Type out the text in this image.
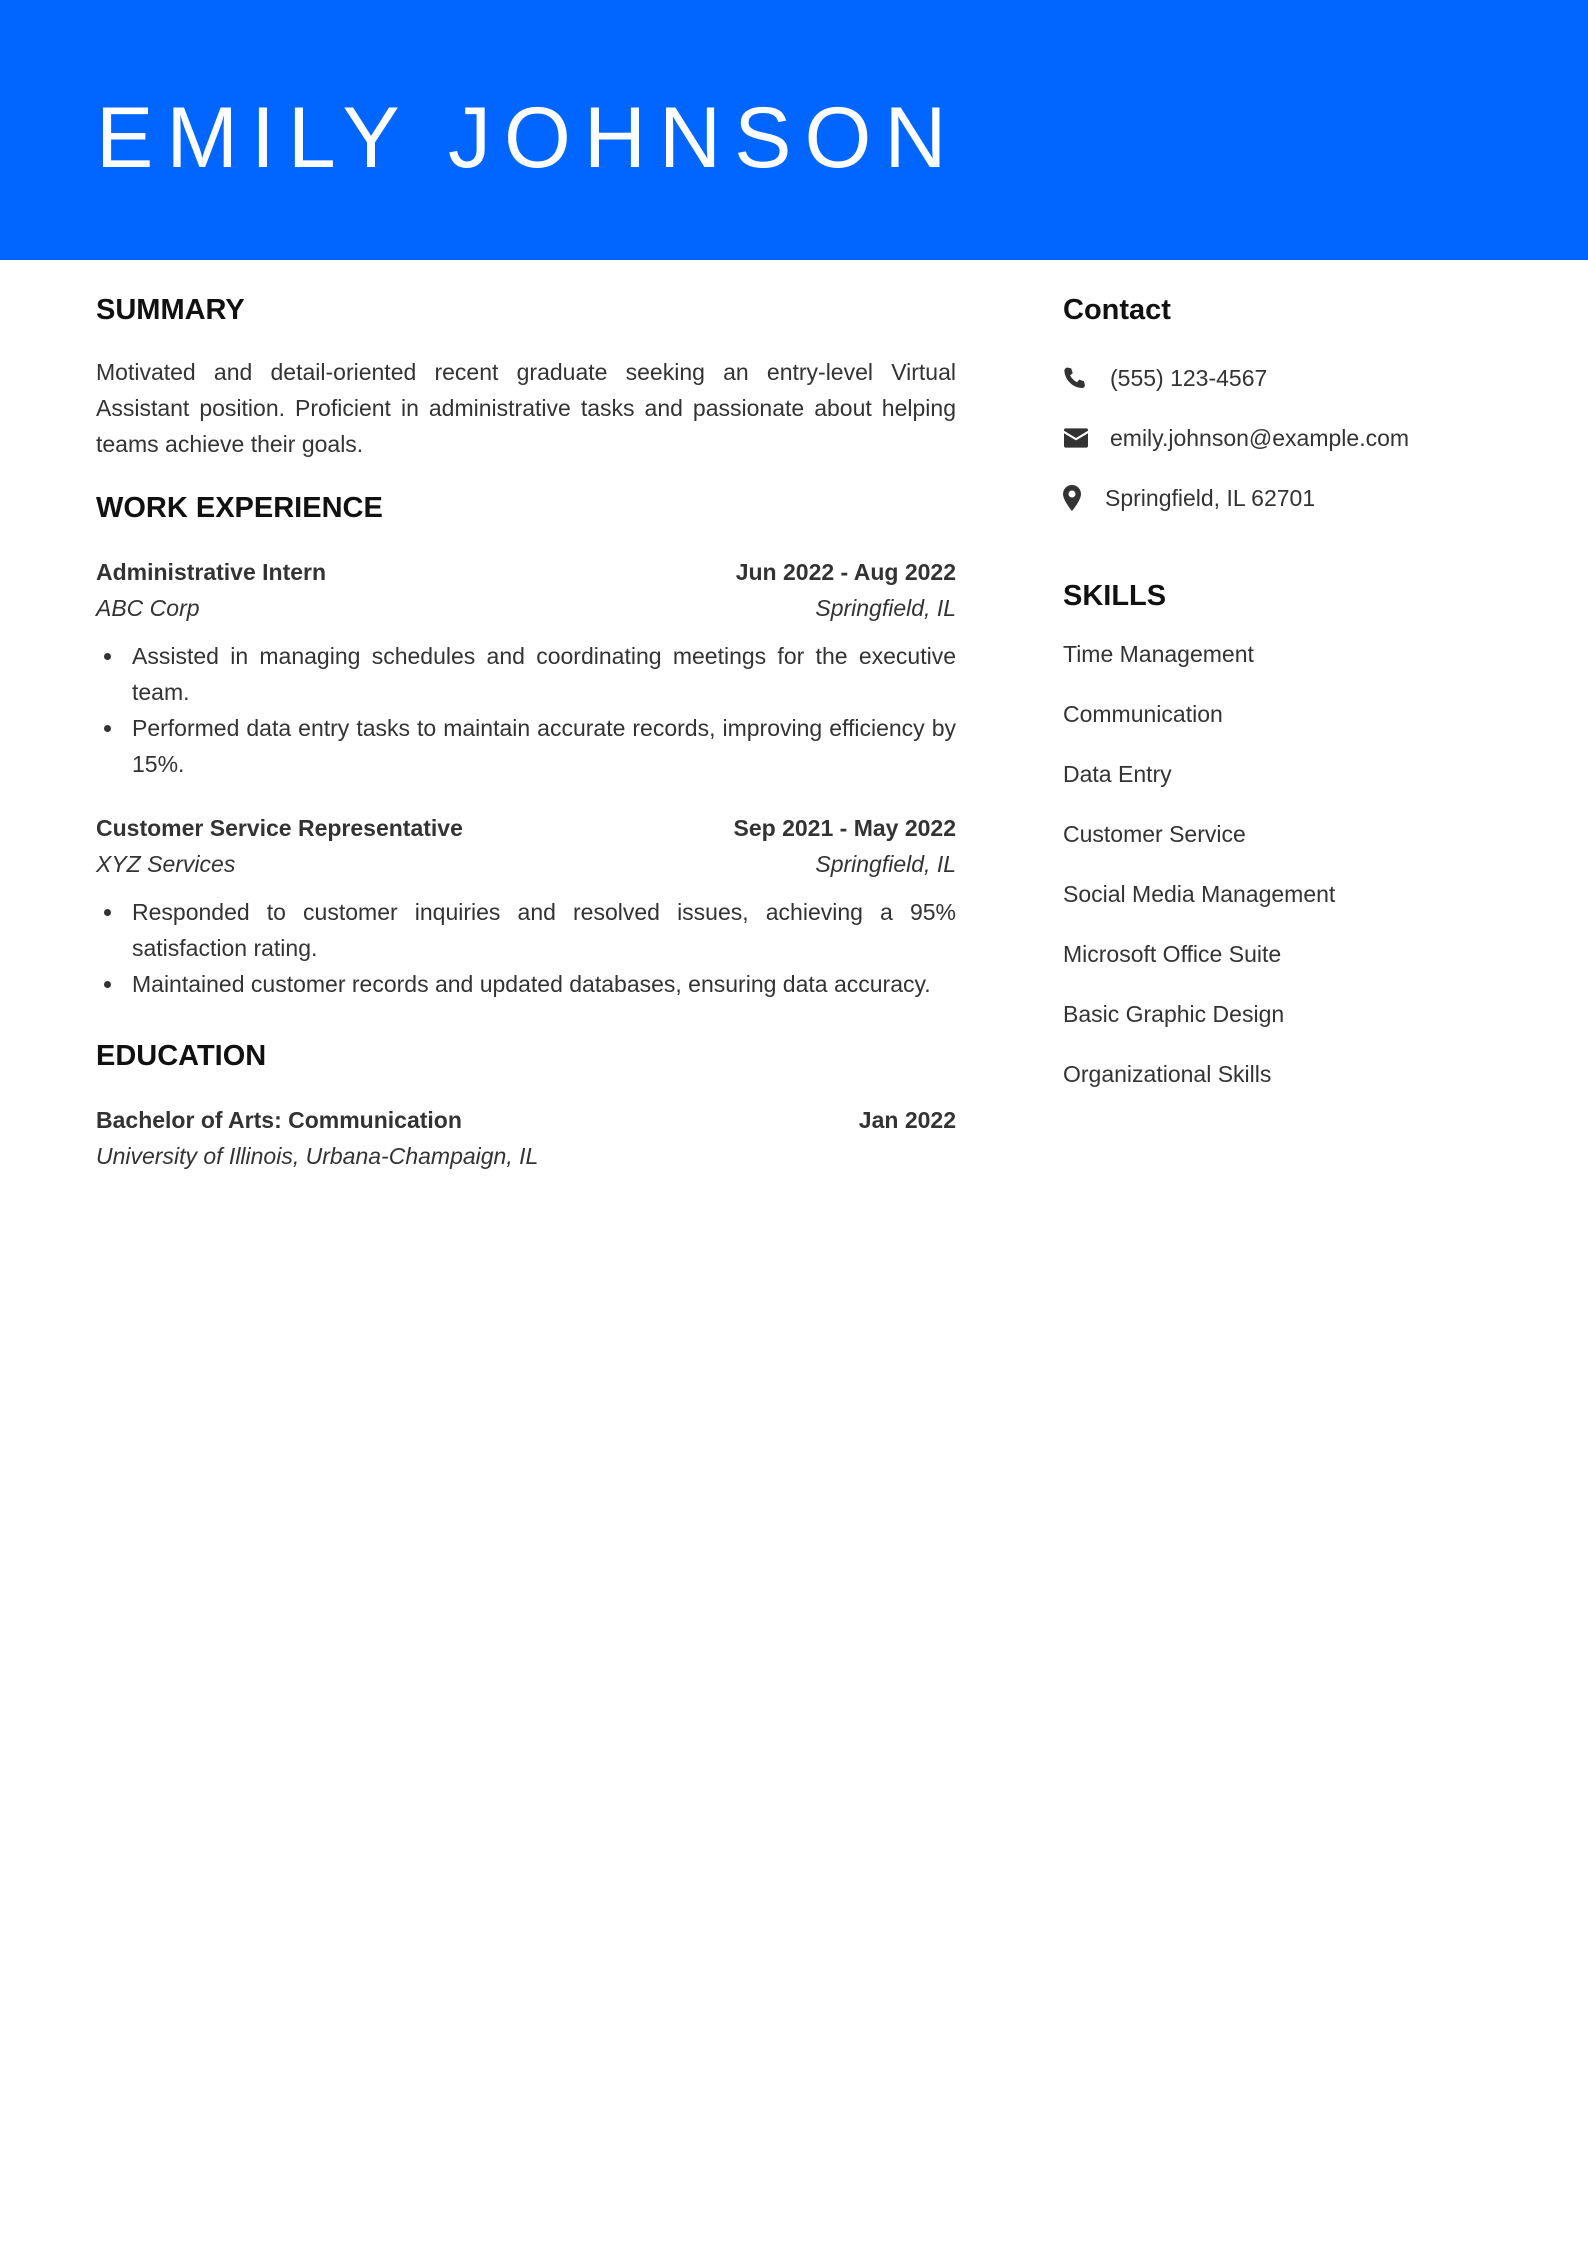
EMILY JOHNSON
SUMMARY

Motivated and detail-oriented recent graduate seeking an entry-level Virtual Assistant position. Proficient in administrative tasks and passionate about helping teams achieve their goals.

WORK EXPERIENCE
Administrative Intern	Jun 2022 - Aug 2022
ABC Corp	Springfield, IL
Assisted in managing schedules and coordinating meetings for the executive team.
Performed data entry tasks to maintain accurate records, improving efficiency by 15%.
Customer Service Representative	Sep 2021 - May 2022
XYZ Services	Springfield, IL
Responded to customer inquiries and resolved issues, achieving a 95% satisfaction rating.
Maintained customer records and updated databases, ensuring data accuracy.
EDUCATION
Bachelor of Arts: Communication	Jan 2022
University of Illinois, Urbana-Champaign, IL
Contact
(555) 123-4567
emily.johnson@example.com
Springfield, IL 62701
SKILLS
Time Management
Communication
Data Entry
Customer Service
Social Media Management
Microsoft Office Suite
Basic Graphic Design
Organizational Skills
